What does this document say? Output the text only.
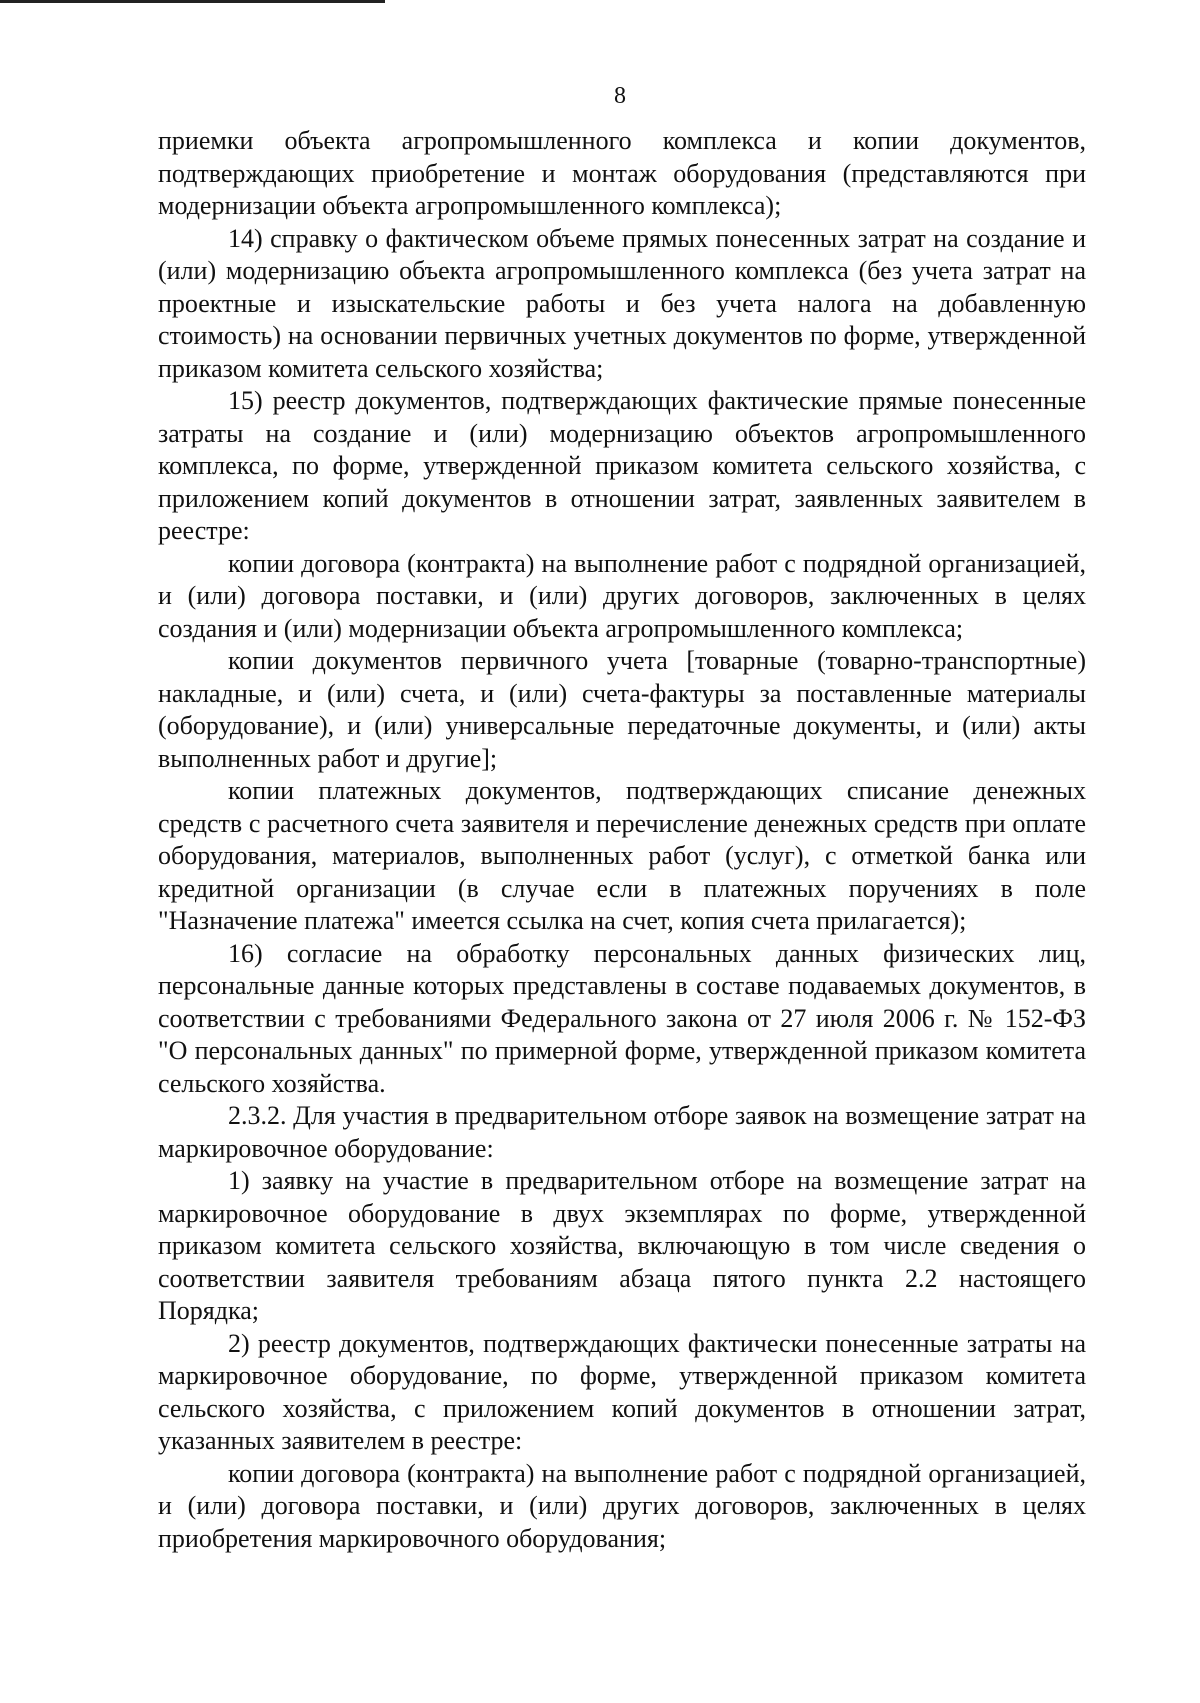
8

приемки объекта агропромышленного комплекса и копии документов, подтверждающих приобретение и монтаж оборудования (представляются при модернизации объекта агропромышленного комплекса);

14) справку о фактическом объеме прямых понесенных затрат на создание и (или) модернизацию объекта агропромышленного комплекса (без учета затрат на проектные и изыскательские работы и без учета налога на добавленную стоимость) на основании первичных учетных документов по форме, утвержденной приказом комитета сельского хозяйства;

15) реестр документов, подтверждающих фактические прямые понесенные затраты на создание и (или) модернизацию объектов агропромышленного комплекса, по форме, утвержденной приказом комитета сельского хозяйства, с приложением копий документов в отношении затрат, заявленных заявителем в реестре:

копии договора (контракта) на выполнение работ с подрядной организацией, и (или) договора поставки, и (или) других договоров, заключенных в целях создания и (или) модернизации объекта агропромышленного комплекса;

копии документов первичного учета [товарные (товарно-транспортные) накладные, и (или) счета, и (или) счета-фактуры за поставленные материалы (оборудование), и (или) универсальные передаточные документы, и (или) акты выполненных работ и другие];

копии платежных документов, подтверждающих списание денежных средств с расчетного счета заявителя и перечисление денежных средств при оплате оборудования, материалов, выполненных работ (услуг), с отметкой банка или кредитной организации (в случае если в платежных поручениях в поле "Назначение платежа" имеется ссылка на счет, копия счета прилагается);

16) согласие на обработку персональных данных физических лиц, персональные данные которых представлены в составе подаваемых документов, в соответствии с требованиями Федерального закона от 27 июля 2006 г. № 152-ФЗ "О персональных данных" по примерной форме, утвержденной приказом комитета сельского хозяйства.

2.3.2. Для участия в предварительном отборе заявок на возмещение затрат на маркировочное оборудование:

1) заявку на участие в предварительном отборе на возмещение затрат на маркировочное оборудование в двух экземплярах по форме, утвержденной приказом комитета сельского хозяйства, включающую в том числе сведения о соответствии заявителя требованиям абзаца пятого пункта 2.2 настоящего Порядка;

2) реестр документов, подтверждающих фактически понесенные затраты на маркировочное оборудование, по форме, утвержденной приказом комитета сельского хозяйства, с приложением копий документов в отношении затрат, указанных заявителем в реестре:

копии договора (контракта) на выполнение работ с подрядной организацией, и (или) договора поставки, и (или) других договоров, заключенных в целях приобретения маркировочного оборудования;
